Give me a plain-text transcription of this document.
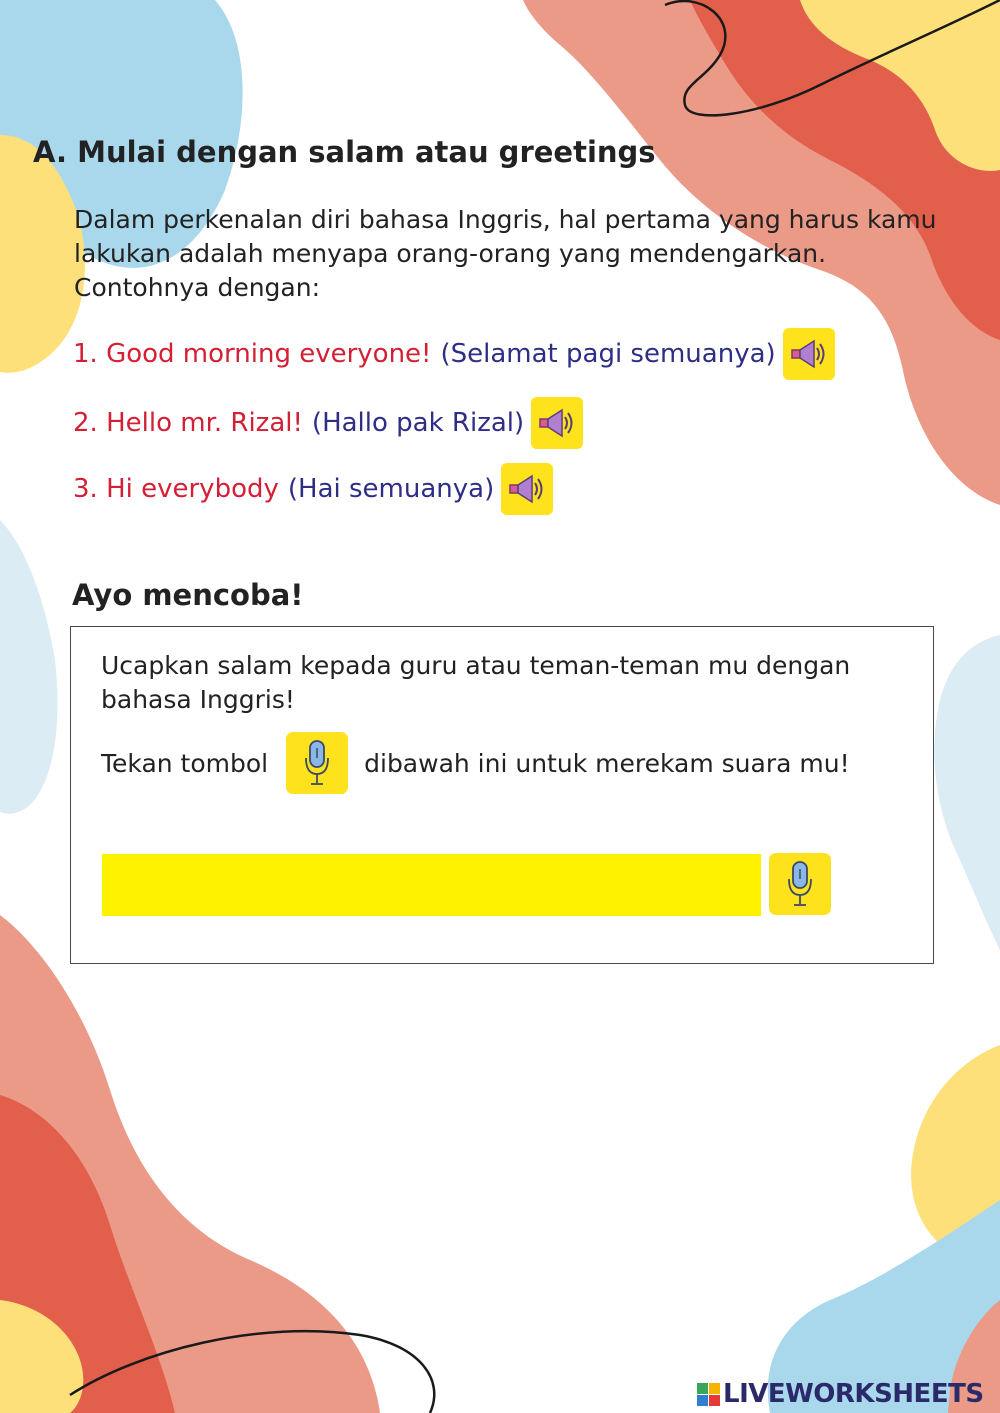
A. Mulai dengan salam atau greetings
Dalam perkenalan diri bahasa Inggris, hal pertama yang harus kamu lakukan adalah menyapa orang-orang yang mendengarkan. Contohnya dengan:
1. Good morning everyone! (Selamat pagi semuanya)
2. Hello mr. Rizal! (Hallo pak Rizal)
3. Hi everybody (Hai semuanya)
Ayo mencoba!
Ucapkan salam kepada guru atau teman-teman mu dengan bahasa Inggris!
Tekan tombol	dibawah ini untuk merekam suara mu!
LIVEWORKSHEETS
